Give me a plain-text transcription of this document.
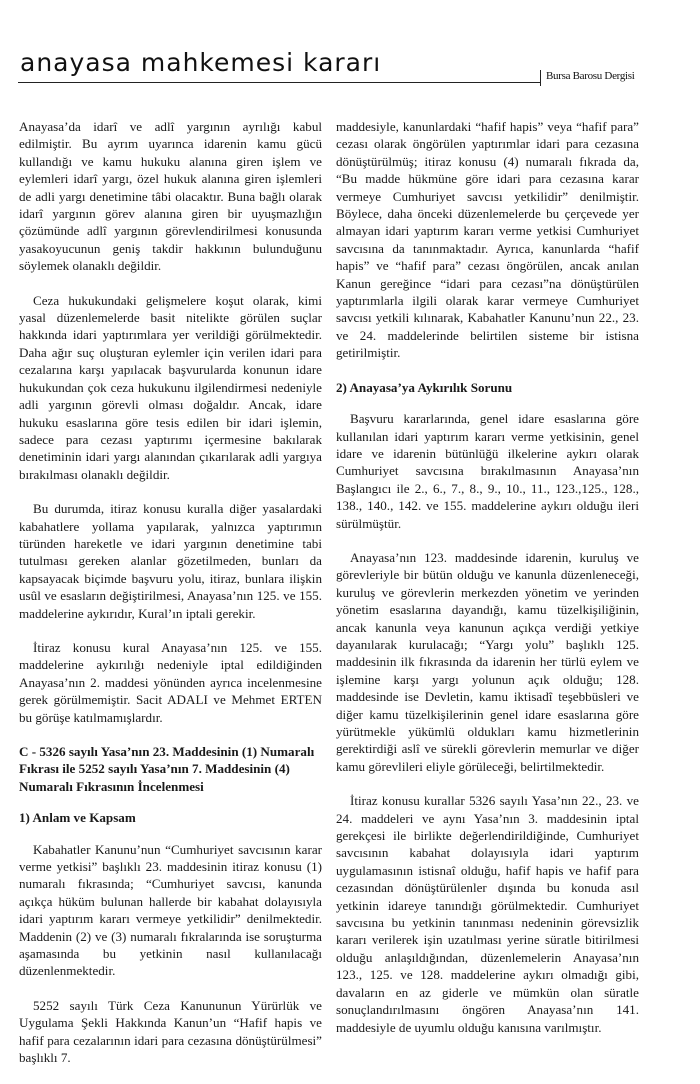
anayasa mahkemesi kararı	Bursa Barosu Dergisi

Anayasa’da idarî ve adlî yargının ayrılığı kabul edilmiştir. Bu ayrım uyarınca idarenin kamu gücü kullandığı ve kamu hukuku alanına giren işlem ve eylemleri idarî yargı, özel hukuk alanına giren işlemleri de adli yargı denetimine tâbi olacaktır. Buna bağlı olarak idarî yargının görev alanına giren bir uyuşmazlığın çözümünde adlî yargının görevlendirilmesi konusunda yasakoyucunun geniş takdir hakkının bulunduğunu söylemek olanaklı değildir.

Ceza hukukundaki gelişmelere koşut olarak, kimi yasal düzenlemelerde basit nitelikte görülen suçlar hakkında idari yaptırımlara yer verildiği görülmektedir. Daha ağır suç oluşturan eylemler için verilen idari para cezalarına karşı yapılacak başvurularda konunun idare hukukundan çok ceza hukukunu ilgilendirmesi nedeniyle adli yargının görevli olması doğaldır. Ancak, idare hukuku esaslarına göre tesis edilen bir idari işlemin, sadece para cezası yaptırımı içermesine bakılarak denetiminin idari yargı alanından çıkarılarak adli yargıya bırakılması olanaklı değildir.

Bu durumda, itiraz konusu kuralla diğer yasalardaki kabahatlere yollama yapılarak, yalnızca yaptırımın türünden hareketle ve idari yargının denetimine tabi tutulması gereken alanlar gözetilmeden, bunları da kapsayacak biçimde başvuru yolu, itiraz, bunlara ilişkin usûl ve esasların değiştirilmesi, Anayasa’nın 125. ve 155. maddelerine aykırıdır, Kural’ın iptali gerekir.

İtiraz konusu kural Anayasa’nın 125. ve 155. maddelerine aykırılığı nedeniyle iptal edildiğinden Anayasa’nın 2. maddesi yönünden ayrıca incelenmesine gerek görülmemiştir. Sacit ADALI ve Mehmet ERTEN bu görüşe katılmamışlardır.

C - 5326 sayılı Yasa’nın 23. Maddesinin (1) Numaralı Fıkrası ile 5252 sayılı Yasa’nın 7. Maddesinin (4) Numaralı Fıkrasının İncelenmesi
1) Anlam ve Kapsam

Kabahatler Kanunu’nun “Cumhuriyet savcısının karar verme yetkisi” başlıklı 23. maddesinin itiraz konusu (1) numaralı fıkrasında; “Cumhuriyet savcısı, kanunda açıkça hüküm bulunan hallerde bir kabahat dolayısıyla idari yaptırım kararı vermeye yetkilidir” denilmektedir. Maddenin (2) ve (3) numaralı fıkralarında ise soruşturma aşamasında bu yetkinin nasıl kullanılacağı düzenlenmektedir.

5252 sayılı Türk Ceza Kanununun Yürürlük ve Uygulama Şekli Hakkında Kanun’un “Hafif hapis ve hafif para cezalarının idari para cezasına dönüştürülmesi” başlıklı 7.

maddesiyle, kanunlardaki “hafif hapis” veya “hafif para” cezası olarak öngörülen yaptırımlar idari para cezasına dönüştürülmüş; itiraz konusu (4) numaralı fıkrada da, “Bu madde hükmüne göre idari para cezasına karar vermeye Cumhuriyet savcısı yetkilidir” denilmiştir. Böylece, daha önceki düzenlemelerde bu çerçevede yer almayan idari yaptırım kararı verme yetkisi Cumhuriyet savcısına da tanınmaktadır. Ayrıca, kanunlarda “hafif hapis” ve “hafif para” cezası öngörülen, ancak anılan Kanun gereğince “idari para cezası”na dönüştürülen yaptırımlarla ilgili olarak karar vermeye Cumhuriyet savcısı yetkili kılınarak, Kabahatler Kanunu’nun 22., 23. ve 24. maddelerinde belirtilen sisteme bir istisna getirilmiştir.

2) Anayasa’ya Aykırılık Sorunu

Başvuru kararlarında, genel idare esaslarına göre kullanılan idari yaptırım kararı verme yetkisinin, genel idare ve idarenin bütünlüğü ilkelerine aykırı olarak Cumhuriyet savcısına bırakılmasının Anayasa’nın Başlangıcı ile 2., 6., 7., 8., 9., 10., 11., 123.,125., 128., 138., 140., 142. ve 155. maddelerine aykırı olduğu ileri sürülmüştür.

Anayasa’nın 123. maddesinde idarenin, kuruluş ve görevleriyle bir bütün olduğu ve kanunla düzenleneceği, kuruluş ve görevlerin merkezden yönetim ve yerinden yönetim esaslarına dayandığı, kamu tüzelkişiliğinin, ancak kanunla veya kanunun açıkça verdiği yetkiye dayanılarak kurulacağı; “Yargı yolu” başlıklı 125. maddesinin ilk fıkrasında da idarenin her türlü eylem ve işlemine karşı yargı yolunun açık olduğu; 128. maddesinde ise Devletin, kamu iktisadî teşebbüsleri ve diğer kamu tüzelkişilerinin genel idare esaslarına göre yürütmekle yükümlü oldukları kamu hizmetlerinin gerektirdiği aslî ve sürekli görevlerin memurlar ve diğer kamu görevlileri eliyle görüleceği, belirtilmektedir.

İtiraz konusu kurallar 5326 sayılı Yasa’nın 22., 23. ve 24. maddeleri ve aynı Yasa’nın 3. maddesinin iptal gerekçesi ile birlikte değerlendirildiğinde, Cumhuriyet savcısının kabahat dolayısıyla idari yaptırım uygulamasının istisnaî olduğu, hafif hapis ve hafif para cezasından dönüştürülenler dışında bu konuda asıl yetkinin idareye tanındığı görülmektedir. Cumhuriyet savcısına bu yetkinin tanınması nedeninin görevsizlik kararı verilerek işin uzatılması yerine süratle bitirilmesi olduğu anlaşıldığından, düzenlemelerin Anayasa’nın 123., 125. ve 128. maddelerine aykırı olmadığı gibi, davaların en az giderle ve mümkün olan süratle sonuçlandırılmasını öngören Anayasa’nın 141. maddesiyle de uyumlu olduğu kanısına varılmıştır.
